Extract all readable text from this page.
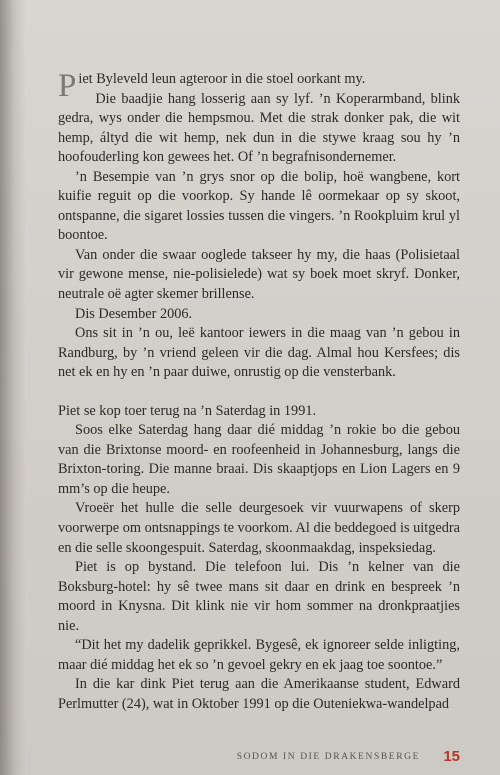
Piet Byleveld leun agteroor in die stoel oorkant my.

Die baadjie hang losserig aan sy lyf. ’n Koperarmband, blink gedra, wys onder die hempsmou. Met die strak donker pak, die wit hemp, áltyd die wit hemp, nek dun in die stywe kraag sou hy ’n hoofouderling kon gewees het. Of ’n begrafnisondernemer.

’n Besempie van ’n grys snor op die bolip, hoë wangbene, kort kuifie reguit op die voorkop. Sy hande lê oormekaar op sy skoot, ontspanne, die sigaret lossies tussen die vingers. ’n Rookpluim krul yl boontoe.

Van onder die swaar ooglede takseer hy my, die haas (Polisietaal vir gewone mense, nie-polisielede) wat sy boek moet skryf. Donker, neutrale oë agter skemer brillense.

Dis Desember 2006.

Ons sit in ’n ou, leë kantoor iewers in die maag van ’n gebou in Randburg, by ’n vriend geleen vir die dag. Almal hou Kersfees; dis net ek en hy en ’n paar duiwe, onrustig op die vensterbank.

Piet se kop toer terug na ’n Saterdag in 1991.

Soos elke Saterdag hang daar dié middag ’n rokie bo die gebou van die Brixtonse moord- en roofeenheid in Johannesburg, langs die Brixton-toring. Die manne braai. Dis skaaptjops en Lion Lagers en 9 mm’s op die heupe.

Vroeër het hulle die selle deurgesoek vir vuurwapens of skerp voorwerpe om ontsnappings te voorkom. Al die beddegoed is uitgedra en die selle skoongespuit. Saterdag, skoonmaakdag, inspeksiedag.

Piet is op bystand. Die telefoon lui. Dis ’n kelner van die Boksburg-hotel: hy sê twee mans sit daar en drink en bespreek ’n moord in Knysna. Dit klink nie vir hom sommer na dronkpraatjies nie.

“Dit het my dadelik geprikkel. Bygesê, ek ignoreer selde inligting, maar dié middag het ek so ’n gevoel gekry en ek jaag toe soontoe.”

In die kar dink Piet terug aan die Amerikaanse student, Edward Perlmutter (24), wat in Oktober 1991 op die Outeniekwa-wandelpad

SODOM IN DIE DRAKENSBERGE 15
